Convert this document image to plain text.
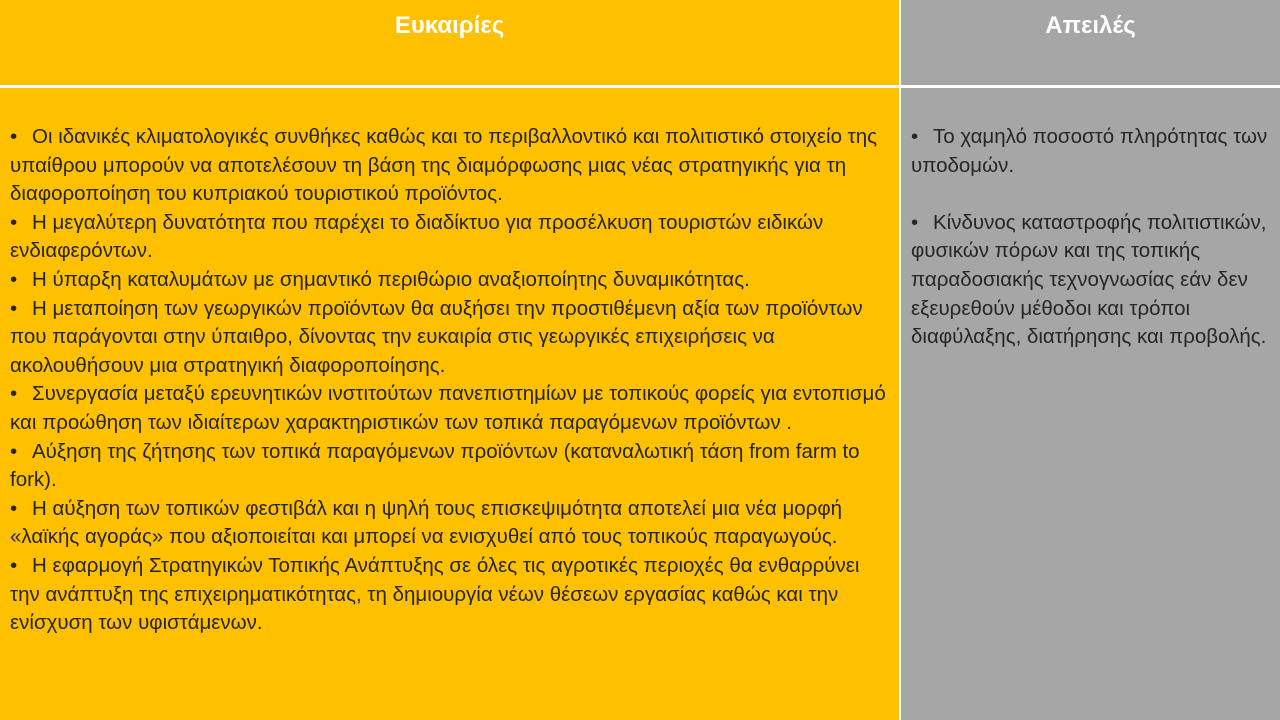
Ευκαιρίες	Απειλές

• Οι ιδανικές κλιματολογικές συνθήκες καθώς και το περιβαλλοντικό και πολιτιστικό στοιχείο της υπαίθρου μπορούν να αποτελέσουν τη βάση της διαμόρφωσης μιας νέας στρατηγικής για τη διαφοροποίηση του κυπριακού τουριστικού προϊόντος.

• Η μεγαλύτερη δυνατότητα που παρέχει το διαδίκτυο για προσέλκυση τουριστών ειδικών ενδιαφερόντων.

• Η ύπαρξη καταλυμάτων με σημαντικό περιθώριο αναξιοποίητης δυναμικότητας.

• Η μεταποίηση των γεωργικών προϊόντων θα αυξήσει την προστιθέμενη αξία των προϊόντων που παράγονται στην ύπαιθρο, δίνοντας την ευκαιρία στις γεωργικές επιχειρήσεις να ακολουθήσουν μια στρατηγική διαφοροποίησης.

• Συνεργασία μεταξύ ερευνητικών ινστιτούτων πανεπιστημίων με τοπικούς φορείς για εντοπισμό και προώθηση των ιδιαίτερων χαρακτηριστικών των τοπικά παραγόμενων προϊόντων .

• Αύξηση της ζήτησης των τοπικά παραγόμενων προϊόντων (καταναλωτική τάση from farm to fork).

• Η αύξηση των τοπικών φεστιβάλ και η ψηλή τους επισκεψιμότητα αποτελεί μια νέα μορφή «λαϊκής αγοράς» που αξιοποιείται και μπορεί να ενισχυθεί από τους τοπικούς παραγωγούς.

• Η εφαρμογή Στρατηγικών Τοπικής Ανάπτυξης σε όλες τις αγροτικές περιοχές θα ενθαρρύνει την ανάπτυξη της επιχειρηματικότητας, τη δημιουργία νέων θέσεων εργασίας καθώς και την ενίσχυση των υφιστάμενων.

• Το χαμηλό ποσοστό πληρότητας των υποδομών.

• Κίνδυνος καταστροφής πολιτιστικών, φυσικών πόρων και της τοπικής παραδοσιακής τεχνογνωσίας εάν δεν εξευρεθούν μέθοδοι και τρόποι διαφύλαξης, διατήρησης και προβολής.
